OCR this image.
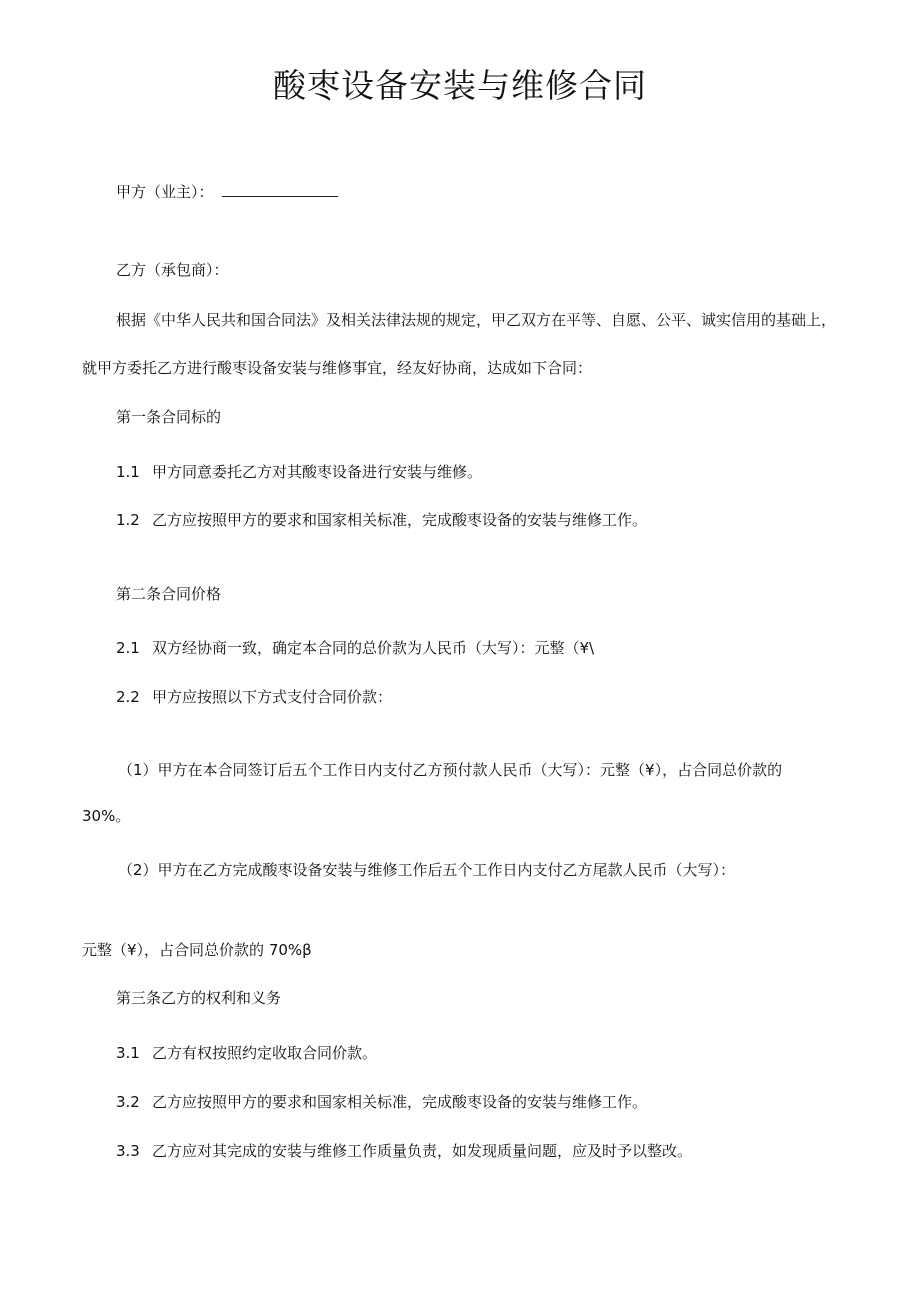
酸枣设备安装与维修合同
甲方（业主）：
乙方（承包商）：
根据《中华人民共和国合同法》及相关法律法规的规定，甲乙双方在平等、自愿、公平、诚实信用的基础上，
就甲方委托乙方进行酸枣设备安装与维修事宜，经友好协商，达成如下合同：
第一条合同标的
1.1 甲方同意委托乙方对其酸枣设备进行安装与维修。
1.2 乙方应按照甲方的要求和国家相关标准，完成酸枣设备的安装与维修工作。
第二条合同价格
2.1 双方经协商一致，确定本合同的总价款为人民币（大写）：元整（¥\
2.2 甲方应按照以下方式支付合同价款：
（1）甲方在本合同签订后五个工作日内支付乙方预付款人民币（大写）：元整（¥），占合同总价款的
30%。
（2）甲方在乙方完成酸枣设备安装与维修工作后五个工作日内支付乙方尾款人民币（大写）：
元整（¥），占合同总价款的 70%β
第三条乙方的权利和义务
3.1 乙方有权按照约定收取合同价款。
3.2 乙方应按照甲方的要求和国家相关标准，完成酸枣设备的安装与维修工作。
3.3 乙方应对其完成的安装与维修工作质量负责，如发现质量问题，应及时予以整改。
